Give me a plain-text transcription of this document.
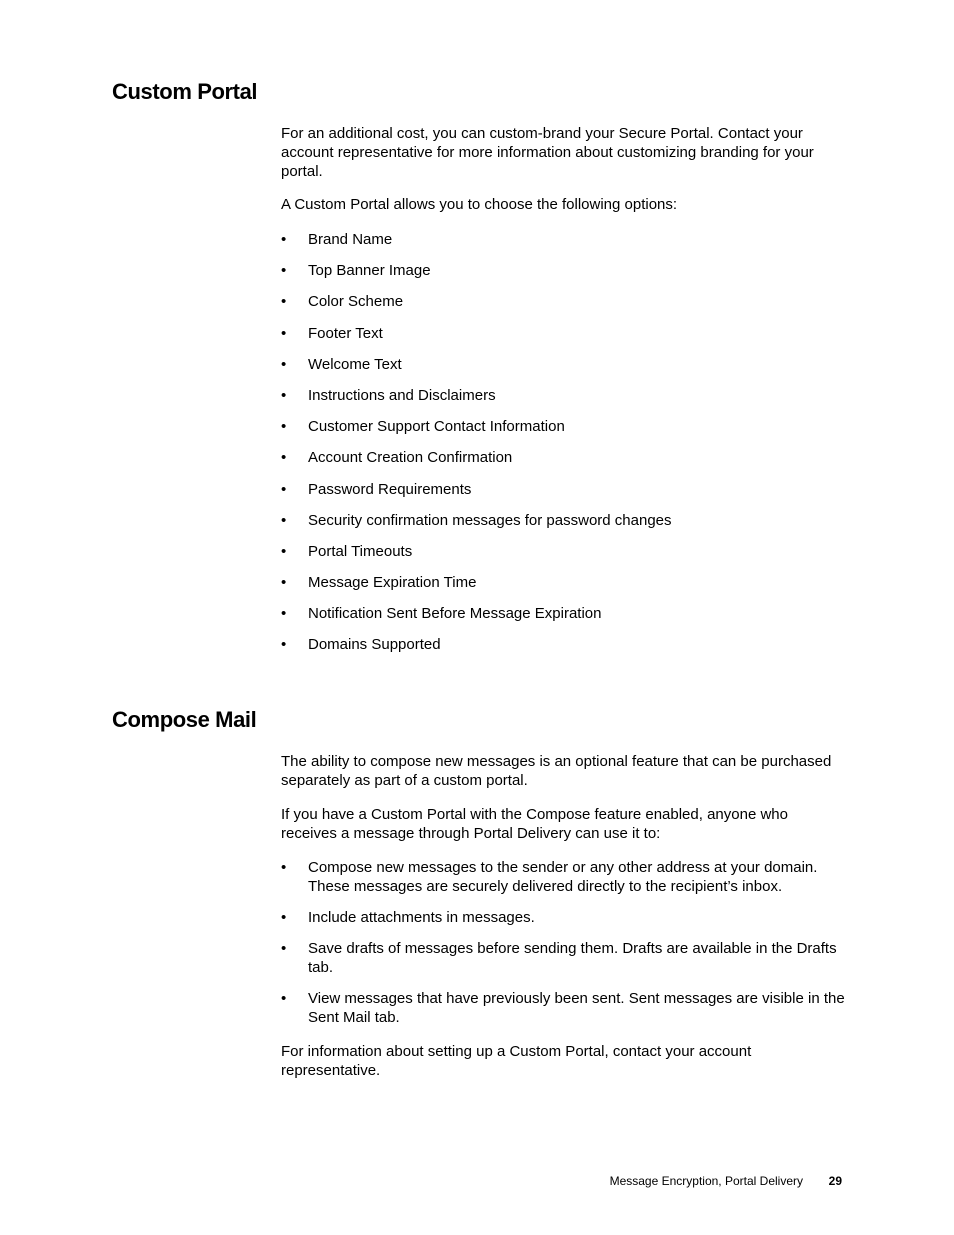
Custom Portal

For an additional cost, you can custom-brand your Secure Portal. Contact your account representative for more information about customizing branding for your portal.

A Custom Portal allows you to choose the following options:

• Brand Name
• Top Banner Image
• Color Scheme
• Footer Text
• Welcome Text
• Instructions and Disclaimers
• Customer Support Contact Information
• Account Creation Confirmation
• Password Requirements
• Security confirmation messages for password changes
• Portal Timeouts
• Message Expiration Time
• Notification Sent Before Message Expiration
• Domains Supported
Compose Mail

The ability to compose new messages is an optional feature that can be purchased separately as part of a custom portal.

If you have a Custom Portal with the Compose feature enabled, anyone who receives a message through Portal Delivery can use it to:

• Compose new messages to the sender or any other address at your domain. These messages are securely delivered directly to the recipient’s inbox.
• Include attachments in messages.
• Save drafts of messages before sending them. Drafts are available in the Drafts tab.
• View messages that have previously been sent. Sent messages are visible in the Sent Mail tab.

For information about setting up a Custom Portal, contact your account representative.

Message Encryption, Portal Delivery 29
